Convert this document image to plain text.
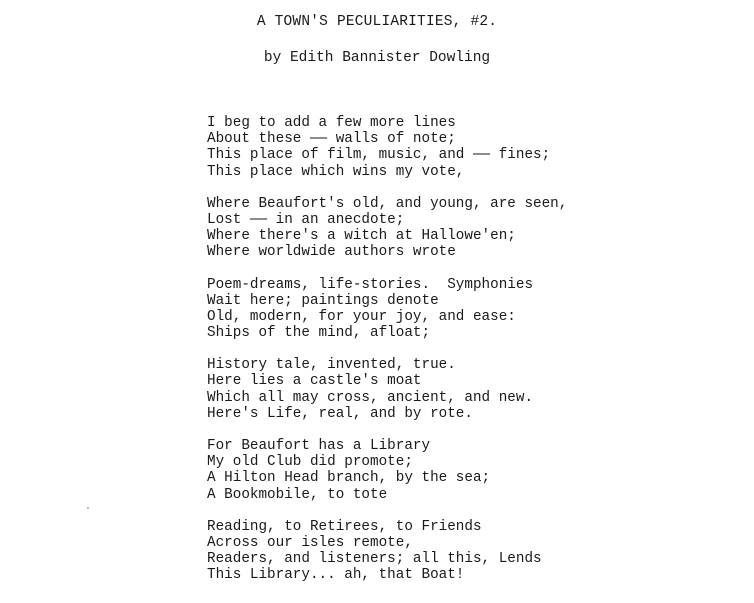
A TOWN'S PECULIARITIES, #2.
by Edith Bannister Dowling
I beg to add a few more lines
About these —— walls of note;
This place of film, music, and —— fines;
This place which wins my vote,
Where Beaufort's old, and young, are seen,
Lost —— in an anecdote;
Where there's a witch at Hallowe'en;
Where worldwide authors wrote
Poem-dreams, life-stories.  Symphonies
Wait here; paintings denote
Old, modern, for your joy, and ease:
Ships of the mind, afloat;
History tale, invented, true.
Here lies a castle's moat
Which all may cross, ancient, and new.
Here's Life, real, and by rote.
For Beaufort has a Library
My old Club did promote;
A Hilton Head branch, by the sea;
A Bookmobile, to tote
Reading, to Retirees, to Friends
Across our isles remote,
Readers, and listeners; all this, Lends
This Library... ah, that Boat!
